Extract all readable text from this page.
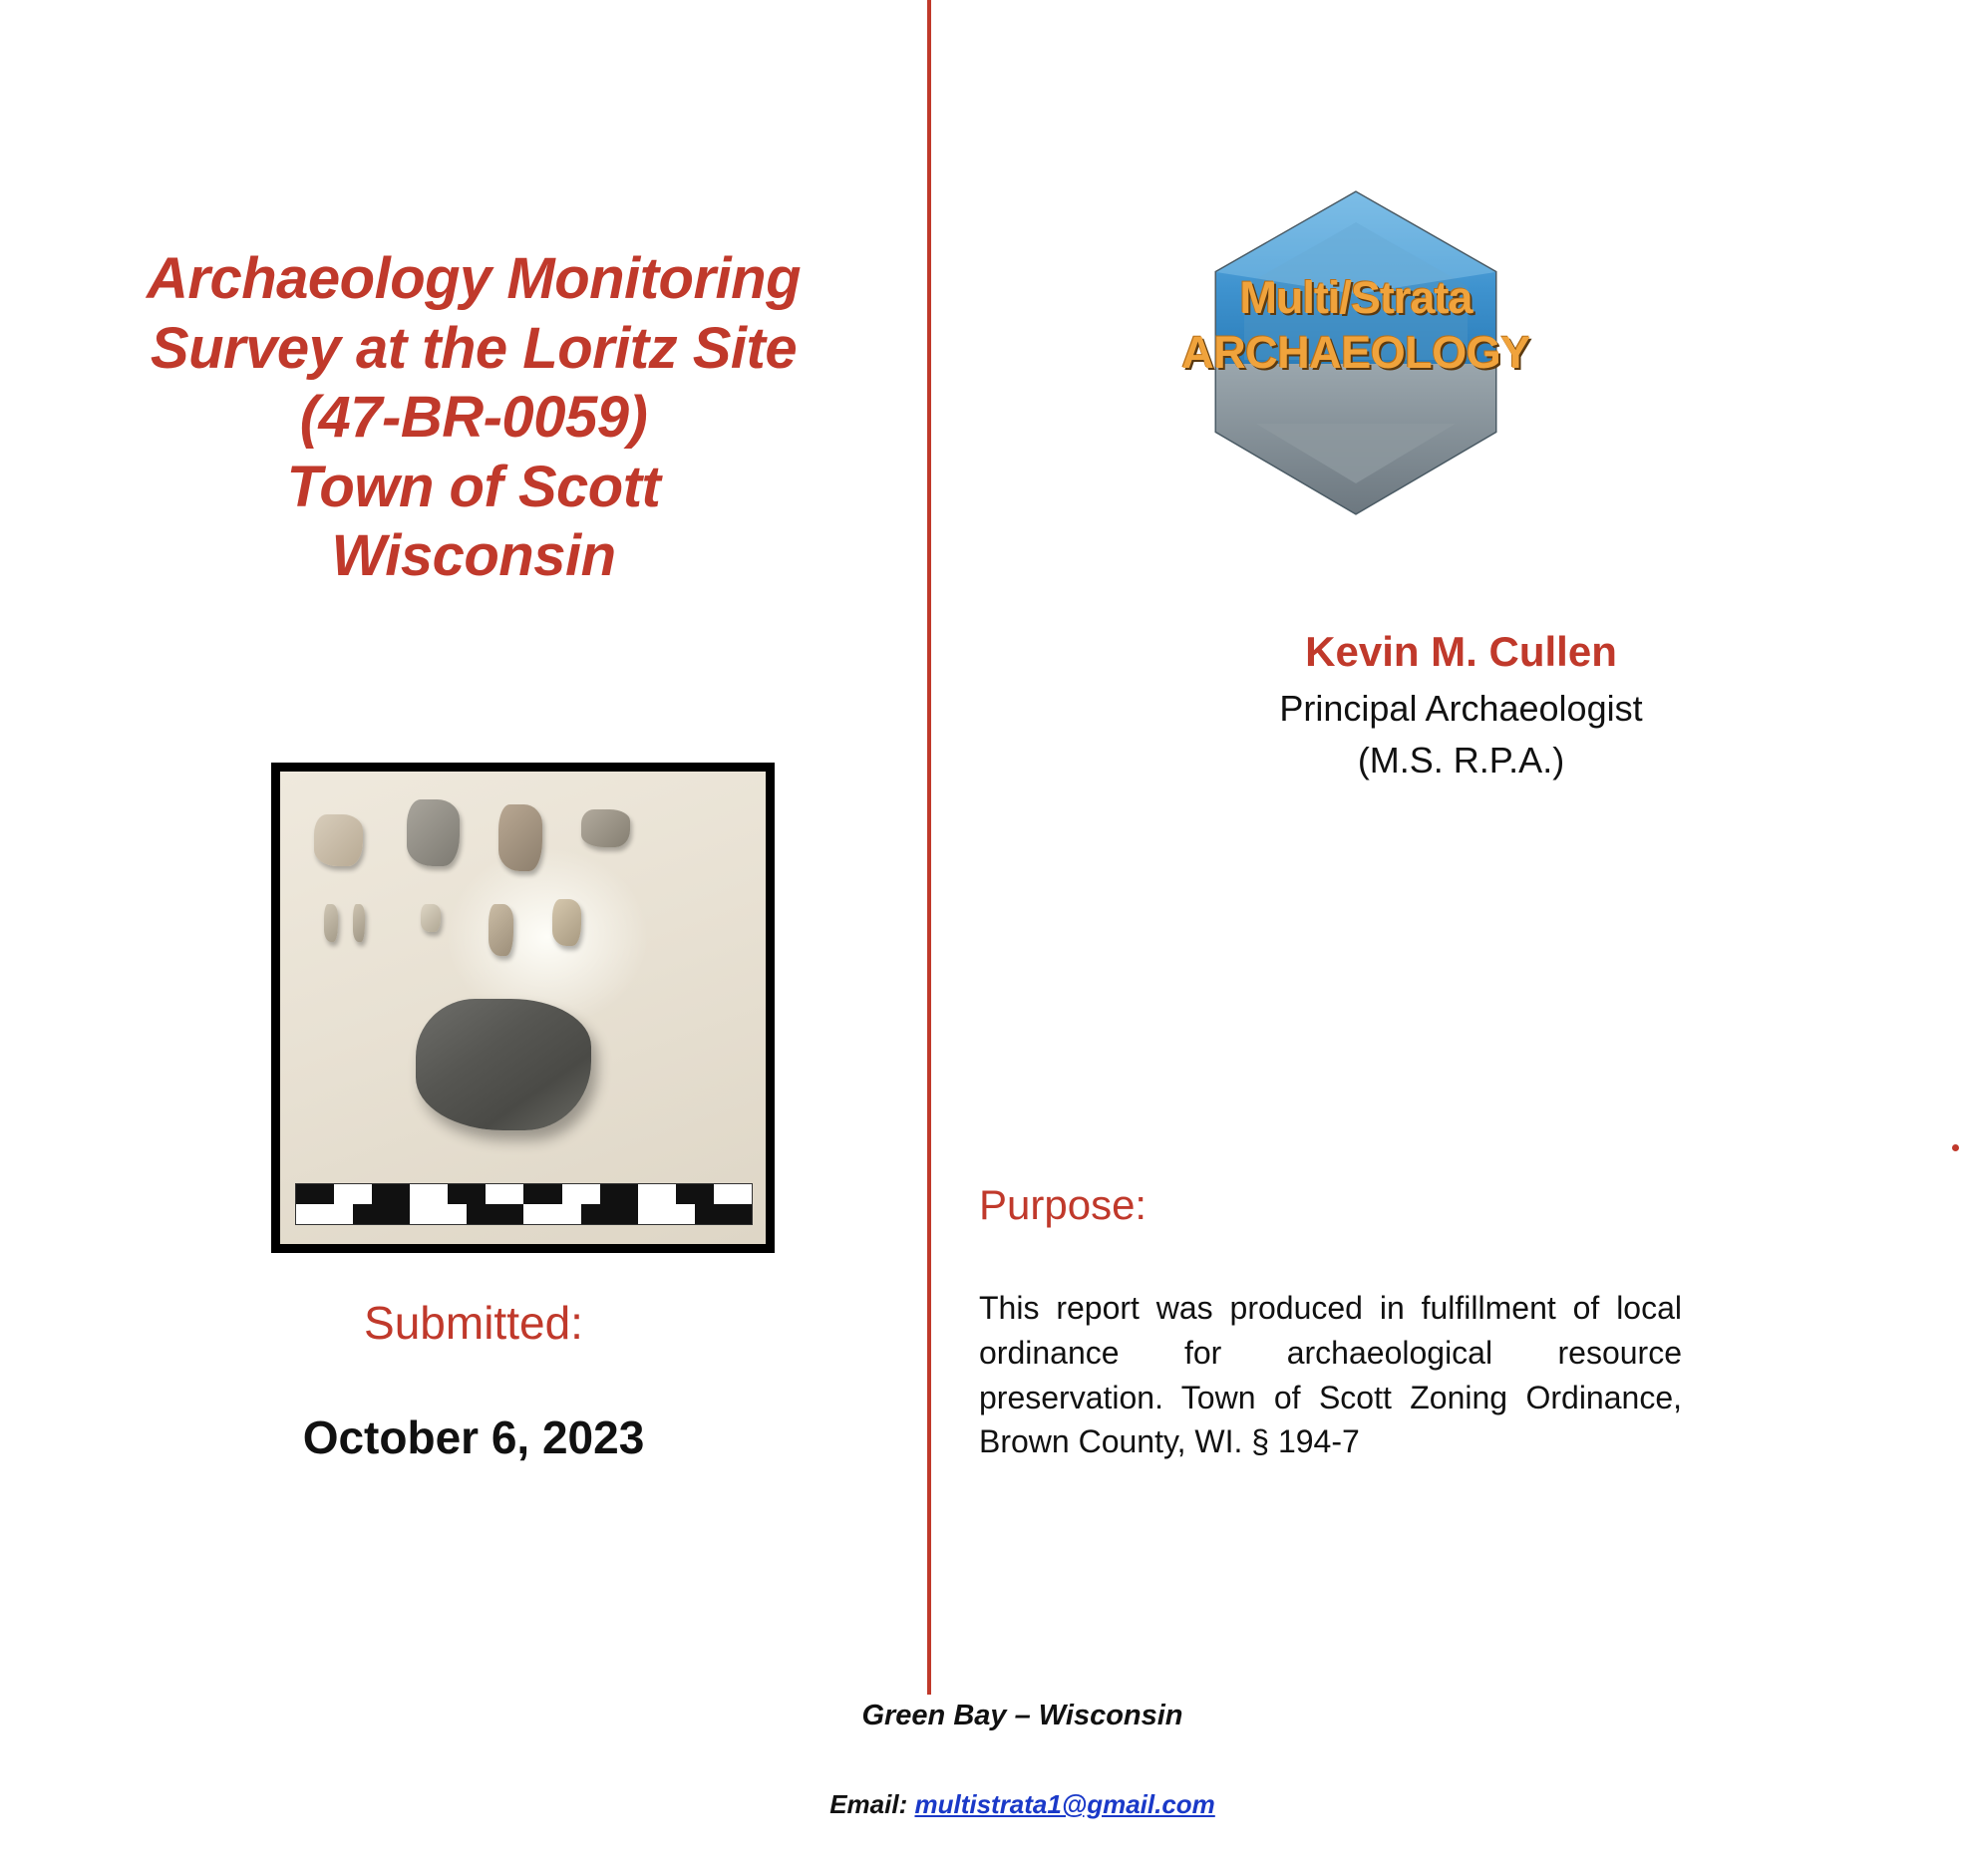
Archaeology Monitoring
Survey at the Loritz Site
(47-BR-0059)
Town of Scott
Wisconsin
Submitted:
October 6, 2023
Multi/Strata
ARCHAEOLOGY
Kevin M. Cullen
Principal Archaeologist
(M.S. R.P.A.)
Purpose:
This report was produced in fulfillment of local ordinance for archaeological resource preservation. Town of Scott Zoning Ordinance, Brown County, WI. § 194-7
Green Bay – Wisconsin
Email: multistrata1@gmail.com
